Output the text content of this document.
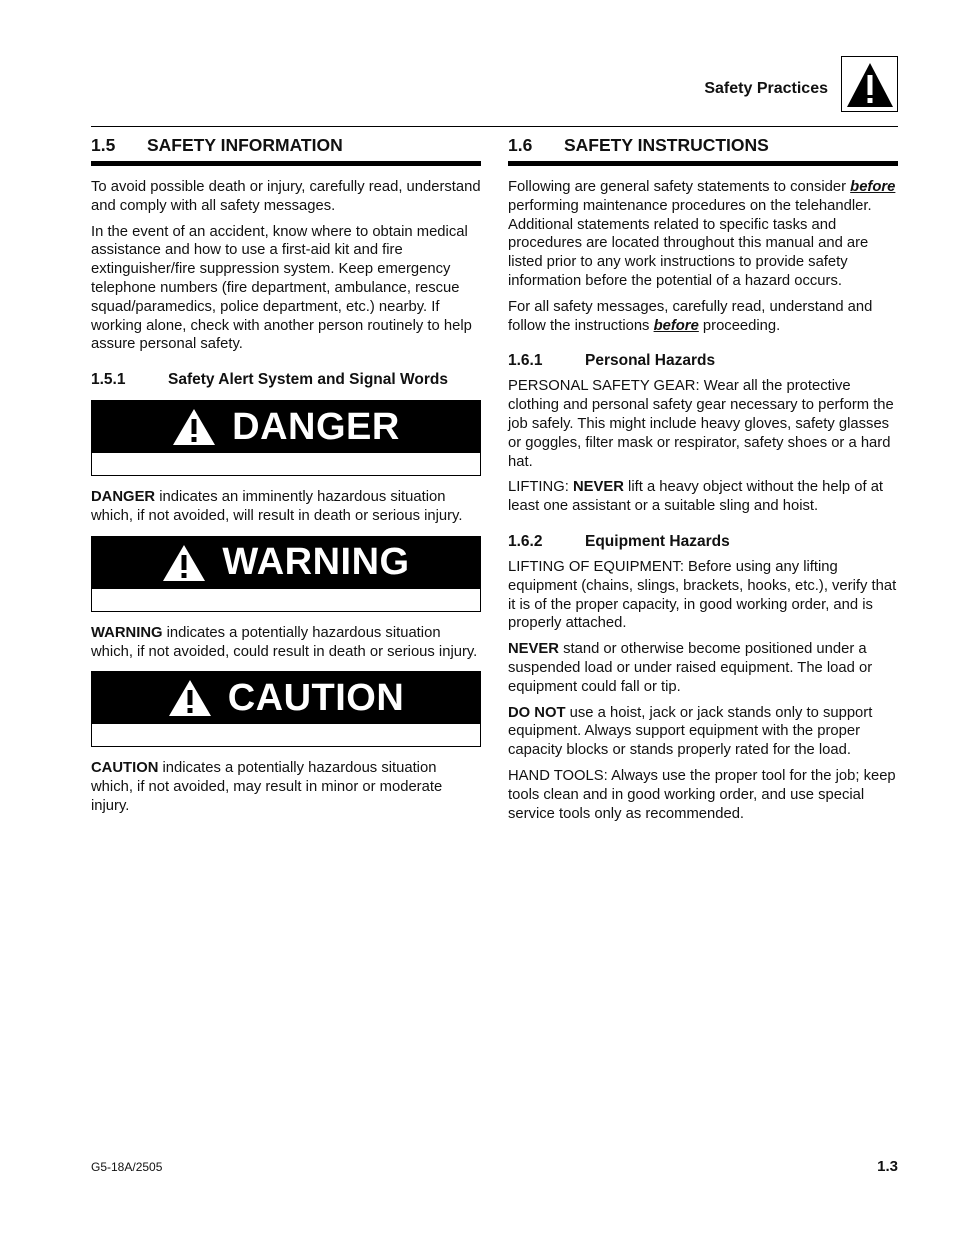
Safety Practices
1.5	SAFETY INFORMATION

To avoid possible death or injury, carefully read, understand and comply with all safety messages.

In the event of an accident, know where to obtain medical assistance and how to use a first-aid kit and fire extinguisher/fire suppression system. Keep emergency telephone numbers (fire department, ambulance, rescue squad/paramedics, police department, etc.) nearby. If working alone, check with another person routinely to help assure personal safety.

1.5.1	Safety Alert System and Signal Words
DANGER

DANGER indicates an imminently hazardous situation which, if not avoided, will result in death or serious injury.

WARNING

WARNING indicates a potentially hazardous situation which, if not avoided, could result in death or serious injury.

CAUTION

CAUTION indicates a potentially hazardous situation which, if not avoided, may result in minor or moderate injury.

1.6	SAFETY INSTRUCTIONS

Following are general safety statements to consider before performing maintenance procedures on the telehandler. Additional statements related to specific tasks and procedures are located throughout this manual and are listed prior to any work instructions to provide safety information before the potential of a hazard occurs.

For all safety messages, carefully read, understand and follow the instructions before proceeding.

1.6.1	Personal Hazards

PERSONAL SAFETY GEAR: Wear all the protective clothing and personal safety gear necessary to perform the job safely. This might include heavy gloves, safety glasses or goggles, filter mask or respirator, safety shoes or a hard hat.

LIFTING: NEVER lift a heavy object without the help of at least one assistant or a suitable sling and hoist.

1.6.2	Equipment Hazards

LIFTING OF EQUIPMENT: Before using any lifting equipment (chains, slings, brackets, hooks, etc.), verify that it is of the proper capacity, in good working order, and is properly attached.

NEVER stand or otherwise become positioned under a suspended load or under raised equipment. The load or equipment could fall or tip.

DO NOT use a hoist, jack or jack stands only to support equipment. Always support equipment with the proper capacity blocks or stands properly rated for the load.

HAND TOOLS: Always use the proper tool for the job; keep tools clean and in good working order, and use special service tools only as recommended.

G5-18A/2505	1.3
